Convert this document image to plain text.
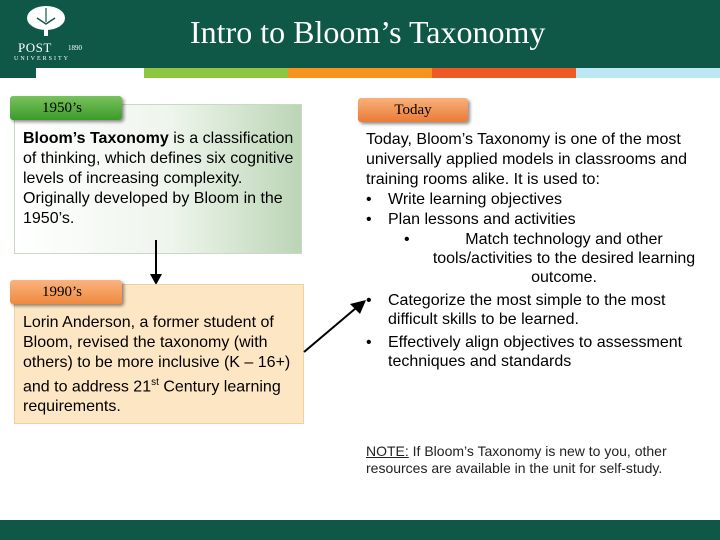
POST 1890
UNIVERSITY
Intro to Bloom’s Taxonomy
Bloom’s Taxonomy is a classification of thinking, which defines six cognitive levels of increasing complexity. Originally developed by Bloom in the 1950’s.
1950’s
Lorin Anderson, a former student of Bloom, revised the taxonomy (with others) to be more inclusive (K – 16+) and to address 21st Century learning requirements.
1990’s
Today
Today, Bloom’s Taxonomy is one of the most universally applied models in classrooms and training rooms alike. It is used to:
• Write learning objectives
• Plan lessons and activities
•	Match technology and other tools/activities to the desired learning outcome.
• Categorize the most simple to the most difficult skills to be learned.
• Effectively align objectives to assessment techniques and standards
NOTE: If Bloom’s Taxonomy is new to you, other resources are available in the unit for self-study.
